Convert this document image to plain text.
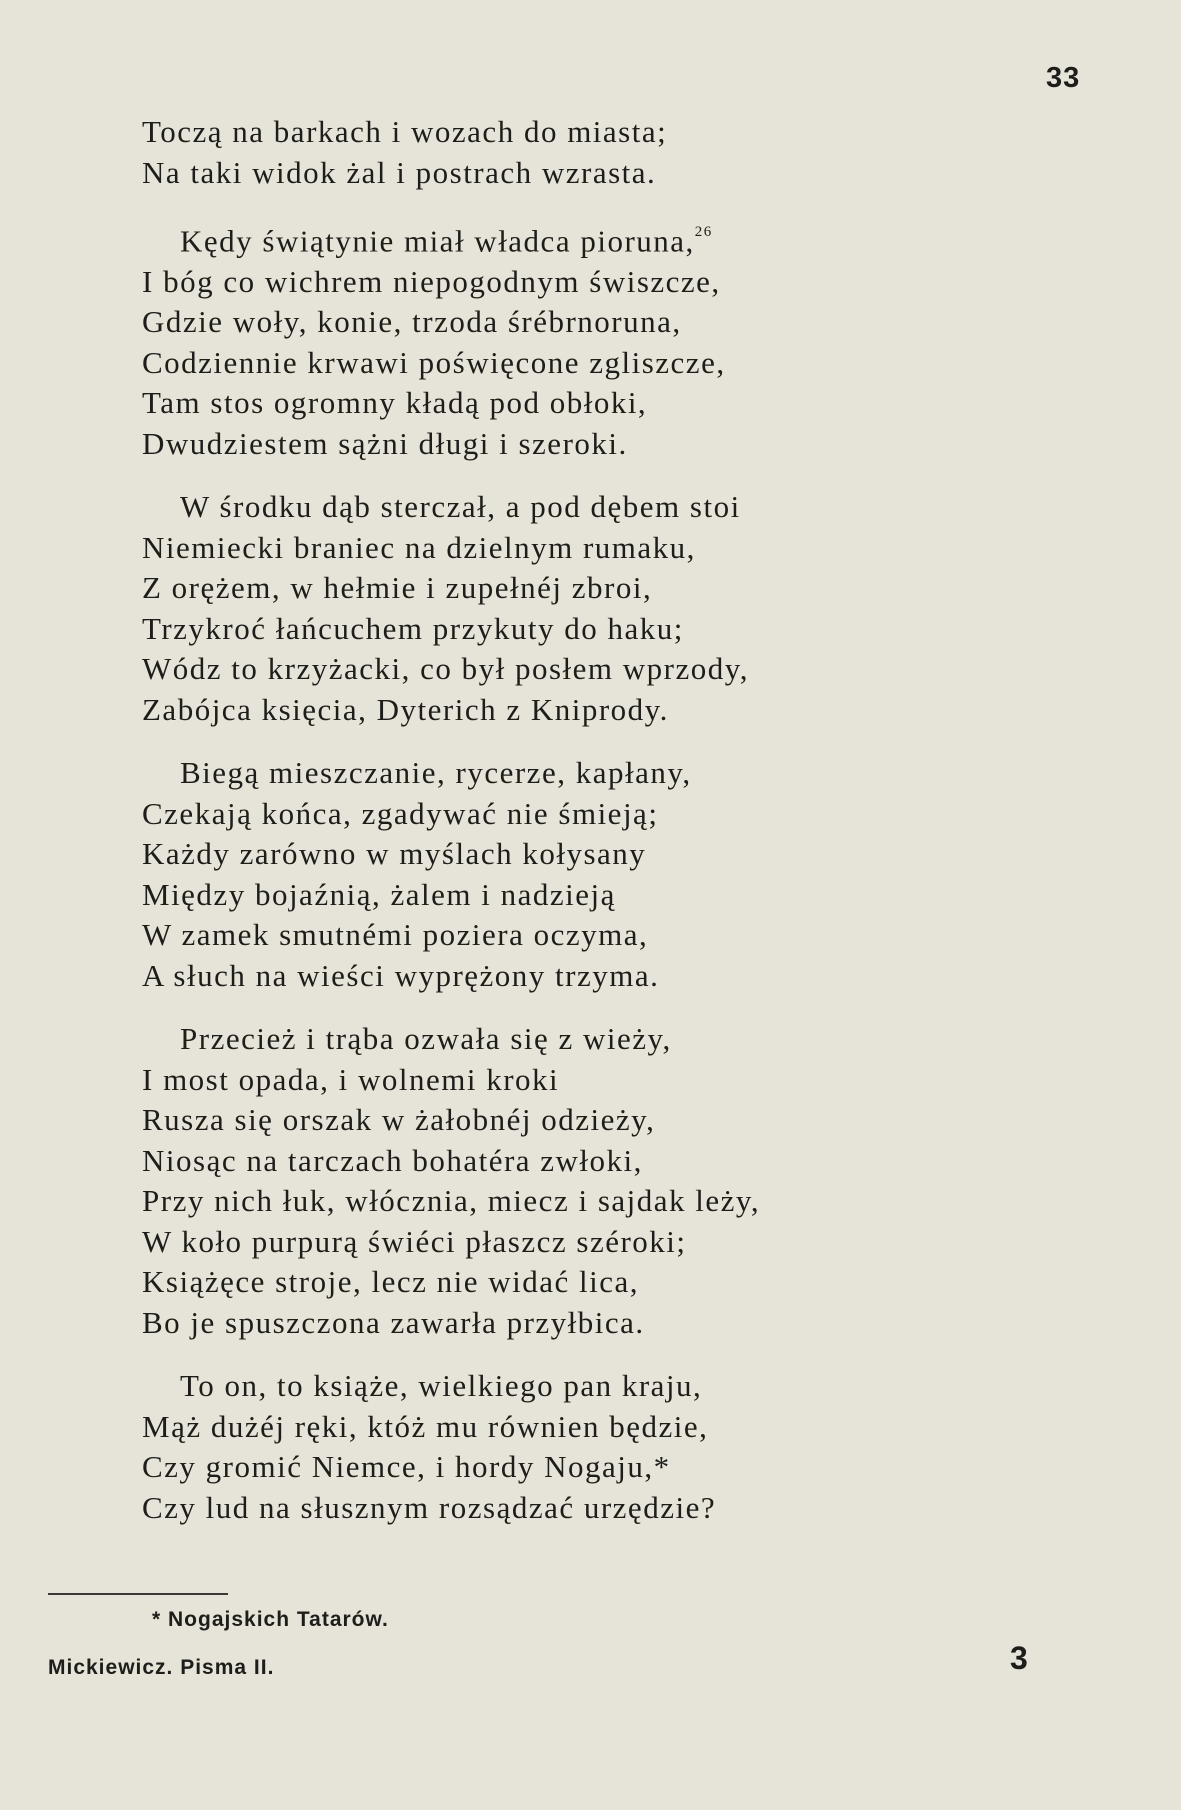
33
Toczą na barkach i wozach do miasta;
Na taki widok żal i postrach wzrasta.
Kędy świątynie miał władca pioruna,$^{26}$
I bóg co wichrem niepogodnym świszcze,
Gdzie woły, konie, trzoda śrébrnoruna,
Codziennie krwawi poświęcone zgliszcze,
Tam stos ogromny kładą pod obłoki,
Dwudziestem sążni długi i szeroki.
W środku dąb sterczał, a pod dębem stoi
Niemiecki braniec na dzielnym rumaku,
Z orężem, w hełmie i zupełnéj zbroi,
Trzykroć łańcuchem przykuty do haku;
Wódz to krzyżacki, co był posłem wprzody,
Zabójca księcia, Dyterich z Kniprody.
Biegą mieszczanie, rycerze, kapłany,
Czekają końca, zgadywać nie śmieją;
Każdy zarówno w myślach kołysany
Między bojaźnią, żalem i nadzieją
W zamek smutnémi poziera oczyma,
A słuch na wieści wyprężony trzyma.
Przecież i trąba ozwała się z wieży,
I most opada, i wolnemi kroki
Rusza się orszak w żałobnéj odzieży,
Niosąc na tarczach bohatéra zwłoki,
Przy nich łuk, włócznia, miecz i sajdak leży,
W koło purpurą świéci płaszcz széroki;
Książęce stroje, lecz nie widać lica,
Bo je spuszczona zawarła przyłbica.
To on, to książe, wielkiego pan kraju,
Mąż dużéj ręki, któż mu równien będzie,
Czy gromić Niemce, i hordy Nogaju,*
Czy lud na słusznym rozsądzać urzędzie?
* Nogajskich Tatarów.
Mickiewicz. Pisma II.	3
